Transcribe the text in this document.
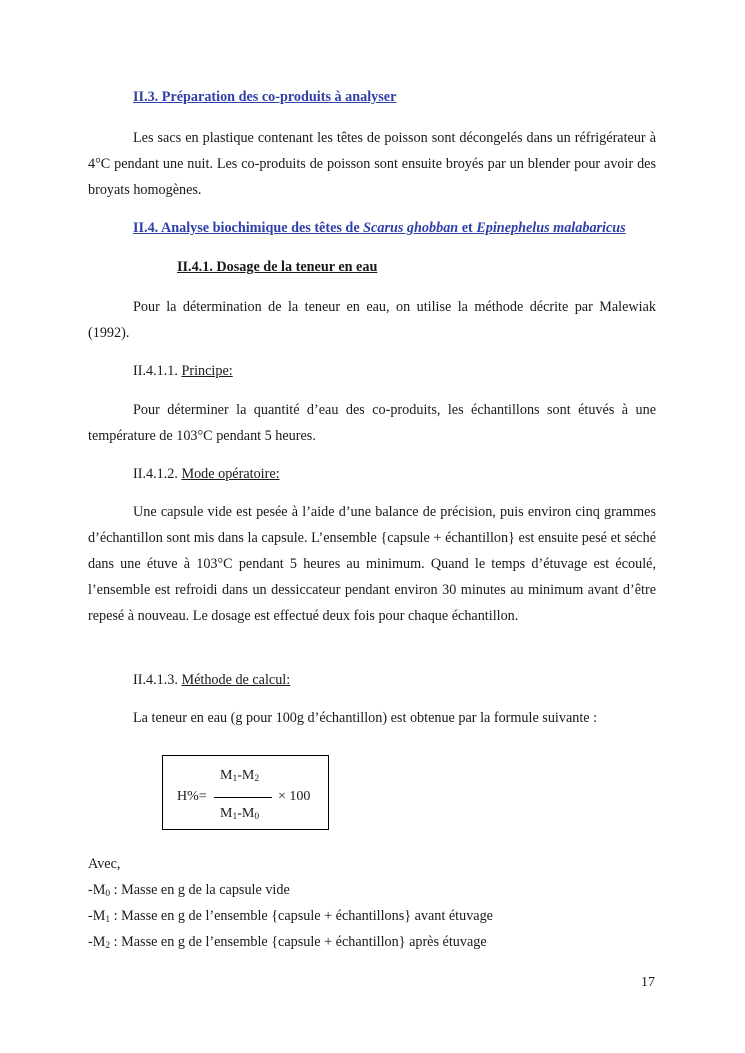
II.3. Préparation des co-produits à analyser
Les sacs en plastique contenant les têtes de poisson sont décongelés dans un réfrigérateur à 4°C pendant une nuit. Les co-produits de poisson sont ensuite broyés par un blender pour avoir des broyats homogènes.
II.4. Analyse biochimique des têtes de Scarus ghobban et Epinephelus malabaricus
II.4.1. Dosage de la teneur en eau
Pour la détermination de la teneur en eau, on utilise la méthode décrite par Malewiak (1992).
II.4.1.1. Principe:
Pour déterminer la quantité d’eau des co-produits, les échantillons sont étuvés à une température de 103°C pendant 5 heures.
II.4.1.2. Mode opératoire:
Une capsule vide est pesée à l’aide d’une balance de précision, puis environ cinq grammes d’échantillon sont mis dans la capsule. L’ensemble {capsule + échantillon} est ensuite pesé et séché dans une étuve à 103°C pendant 5 heures au minimum. Quand le temps d’étuvage est écoulé, l’ensemble est refroidi dans un dessiccateur pendant environ 30 minutes au minimum avant d’être repesé à nouveau. Le dosage est effectué deux fois pour chaque échantillon.
II.4.1.3. Méthode de calcul:
La teneur en eau (g pour 100g d’échantillon) est obtenue par la formule suivante :
H%=
$M_1-M_2$
$M_1-M_0$
× 100
Avec,
$-M_0$ : Masse en g de la capsule vide
$-M_1$ : Masse en g de l’ensemble {capsule + échantillons} avant étuvage
$-M_2$ : Masse en g de l’ensemble {capsule + échantillon} après étuvage
17
